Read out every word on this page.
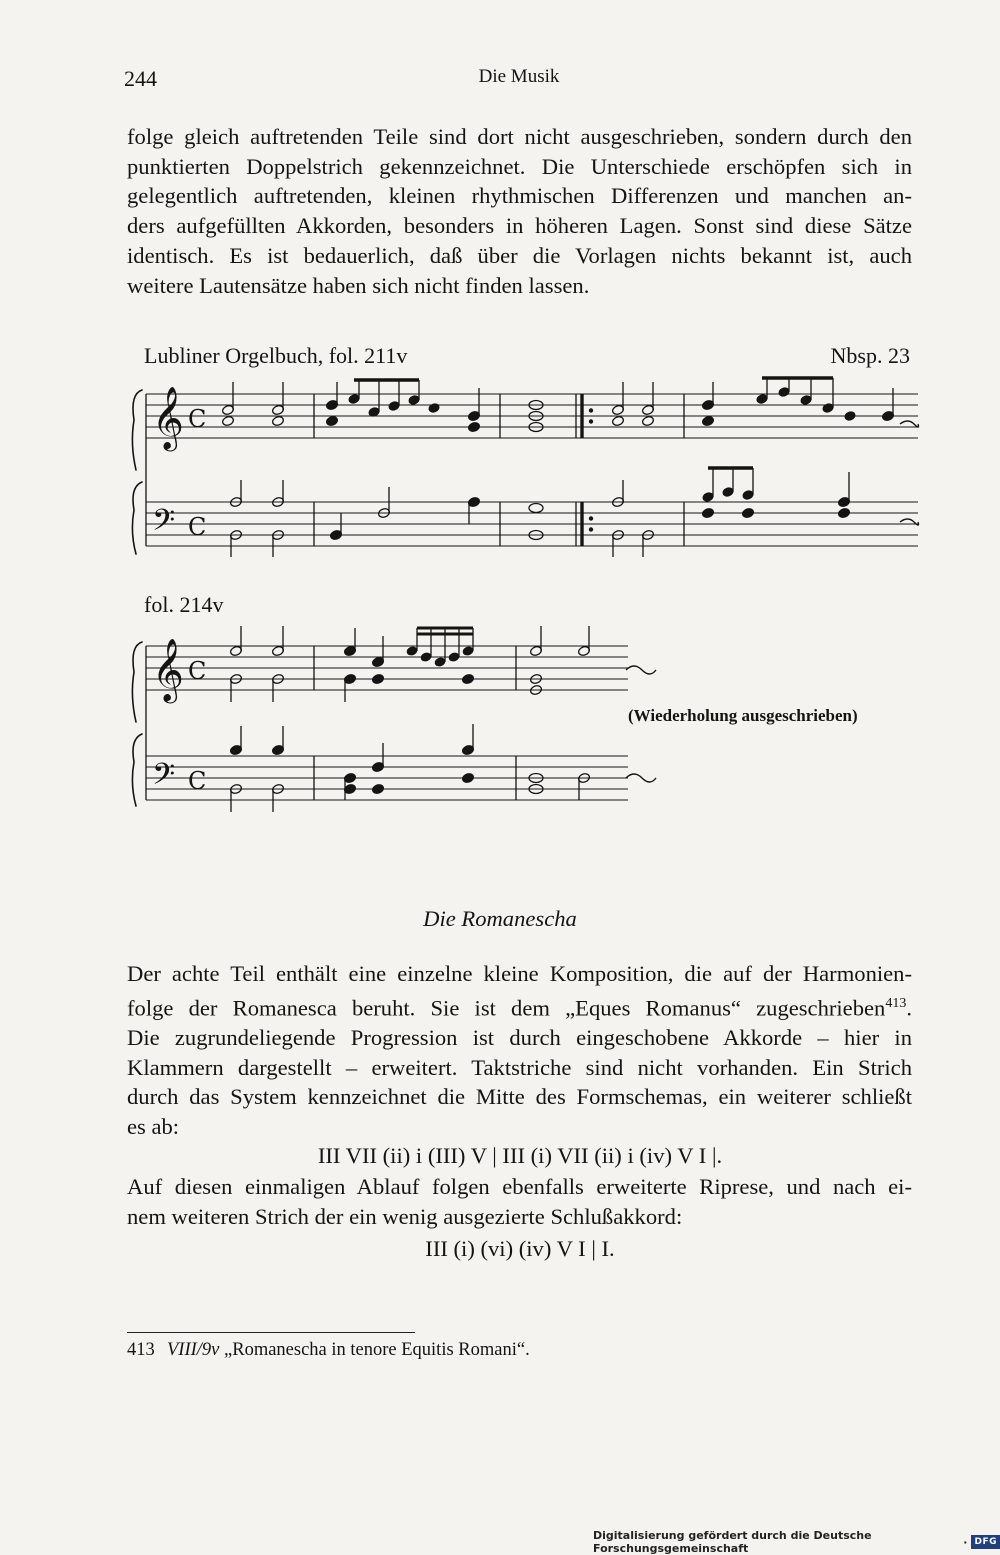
244	Die Musik

folge gleich auftretenden Teile sind dort nicht ausgeschrieben, sondern durch den
punktierten Doppelstrich gekennzeichnet. Die Unterschiede erschöpfen sich in
gelegentlich auftretenden, kleinen rhythmischen Differenzen und manchen an-
ders aufgefüllten Akkorden, besonders in höheren Lagen. Sonst sind diese Sätze
identisch. Es ist bedauerlich, daß über die Vorlagen nichts bekannt ist, auch
weitere Lautensätze haben sich nicht finden lassen.

Lubliner Orgelbuch, fol. 211v	Nbsp. 23
𝄞
𝄢
C
C
fol. 214v
𝄞
𝄢
C
C
(Wiederholung ausgeschrieben)
Die Romanescha

Der achte Teil enthält eine einzelne kleine Komposition, die auf der Harmonien-
folge der Romanesca beruht. Sie ist dem „Eques Romanus“ zugeschrieben$^{413}$.
Die zugrundeliegende Progression ist durch eingeschobene Akkorde – hier in
Klammern dargestellt – erweitert. Taktstriche sind nicht vorhanden. Ein Strich
durch das System kennzeichnet die Mitte des Formschemas, ein weiterer schließt
es ab:

III VII (ii) i (III) V | III (i) VII (ii) i (iv) V I |.

Auf diesen einmaligen Ablauf folgen ebenfalls erweiterte Riprese, und nach ei-
nem weiteren Strich der ein wenig ausgezierte Schlußakkord:

III (i) (vi) (iv) V I | I.
413 VIII/9v „Romanescha in tenore Equitis Romani“.
Digitalisierung gefördert durch die Deutsche Forschungsgemeinschaft	· DFG
